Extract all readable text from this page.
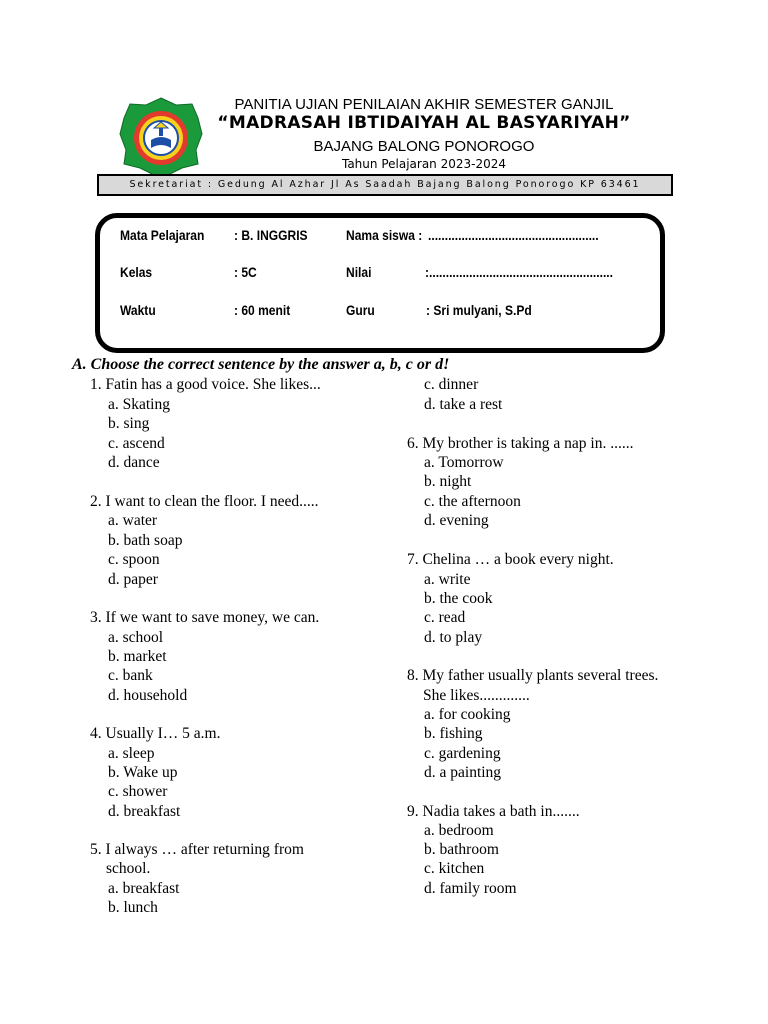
PANITIA UJIAN PENILAIAN AKHIR SEMESTER GANJIL
“MADRASAH IBTIDAIYAH AL BASYARIYAH”
BAJANG BALONG PONOROGO
Tahun Pelajaran 2023-2024
Sekretariat : Gedung Al Azhar Jl As Saadah Bajang Balong Ponorogo KP 63461
Mata Pelajaran : B. INGGRIS	Nama siswa : ...................................................
Kelas	: 5C	Nilai	:.......................................................
Waktu	: 60 menit	Guru	: Sri mulyani, S.Pd
A. Choose the correct sentence by the answer a, b, c or d!
1. Fatin has a good voice. She likes...
a. Skating
b. sing
c. ascend
d. dance
2. I want to clean the floor. I need.....
a. water
b. bath soap
c. spoon
d. paper
3. If we want to save money, we can.
a. school
b. market
c. bank
d. household
4. Usually I… 5 a.m.
a. sleep
b. Wake up
c. shower
d. breakfast
5. I always … after returning from
school.
a. breakfast
b. lunch
c. dinner
d. take a rest
6. My brother is taking a nap in. ......
a. Tomorrow
b. night
c. the afternoon
d. evening
7. Chelina … a book every night.
a. write
b. the cook
c. read
d. to play
8. My father usually plants several trees.
She likes.............
a. for cooking
b. fishing
c. gardening
d. a painting
9. Nadia takes a bath in.......
a. bedroom
b. bathroom
c. kitchen
d. family room
